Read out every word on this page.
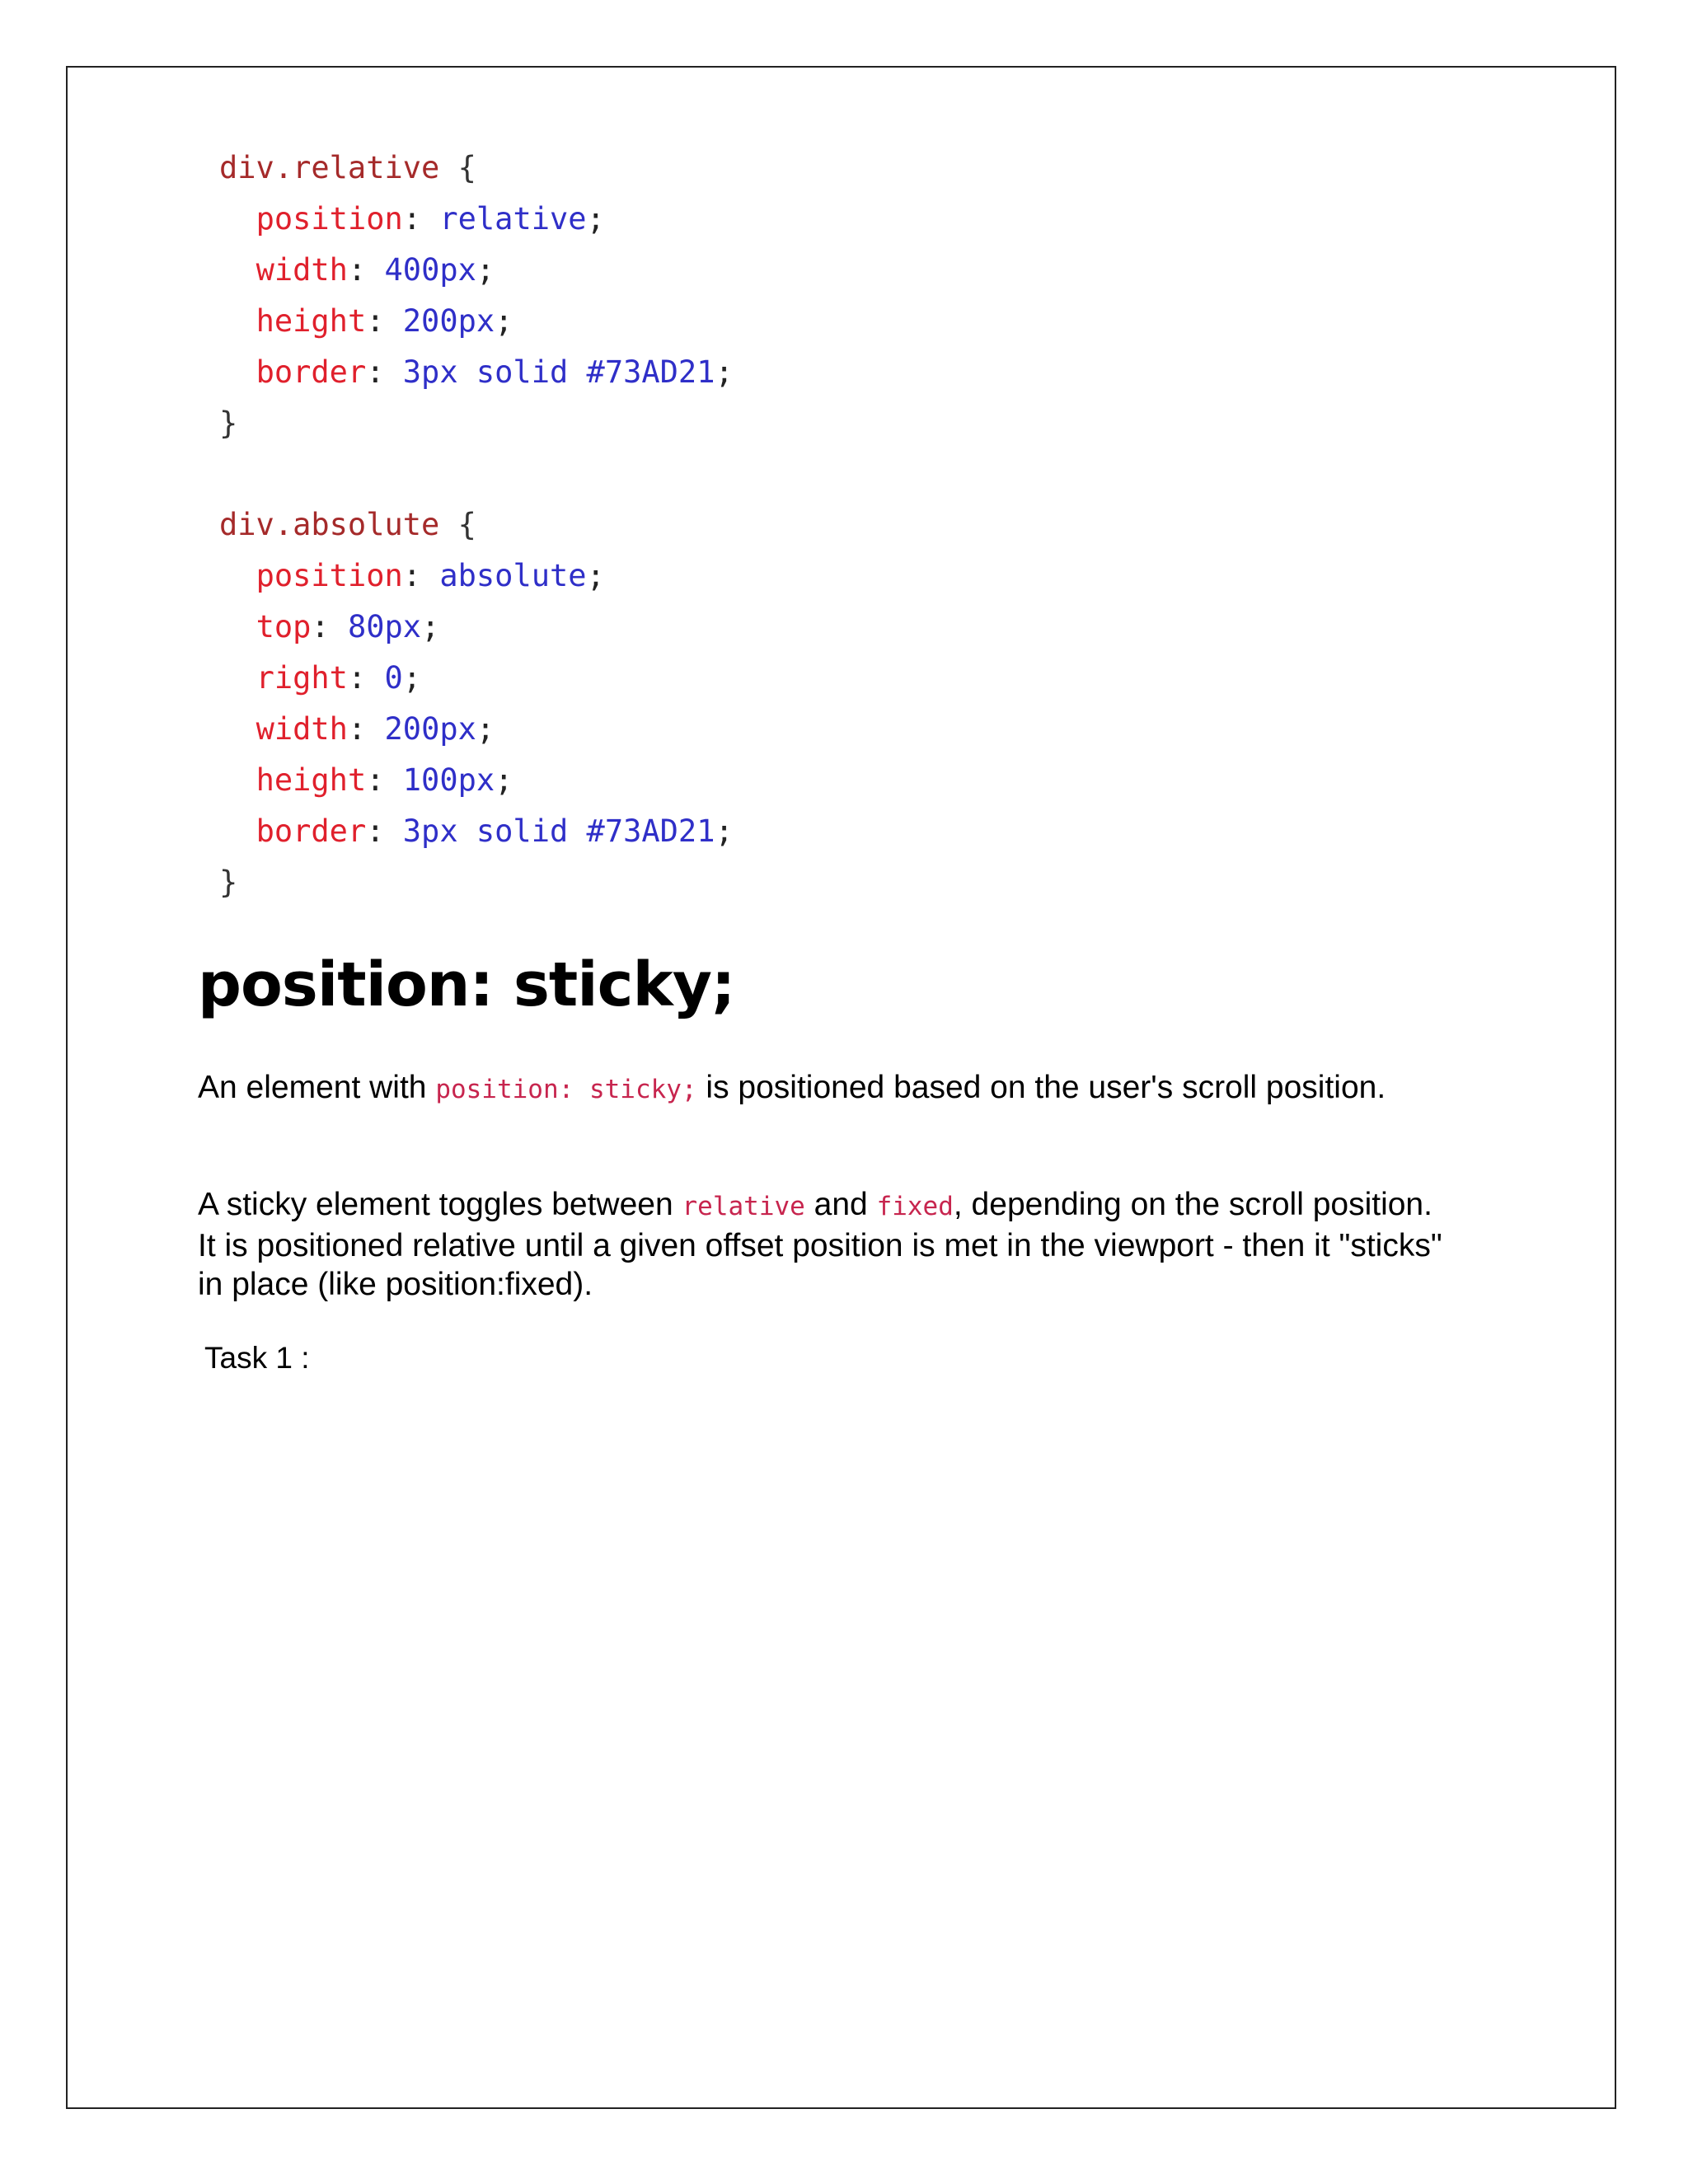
div.relative {
position: relative;
width: 400px;
height: 200px;
border: 3px solid #73AD21;
}
div.absolute {
position: absolute;
top: 80px;
right: 0;
width: 200px;
height: 100px;
border: 3px solid #73AD21;
}
position: sticky;

An element with position: sticky; is positioned based on the user's scroll position.

A sticky element toggles between relative and fixed, depending on the scroll position. It is positioned relative until a given offset position is met in the viewport - then it "sticks" in place (like position:fixed).

Task 1 :
